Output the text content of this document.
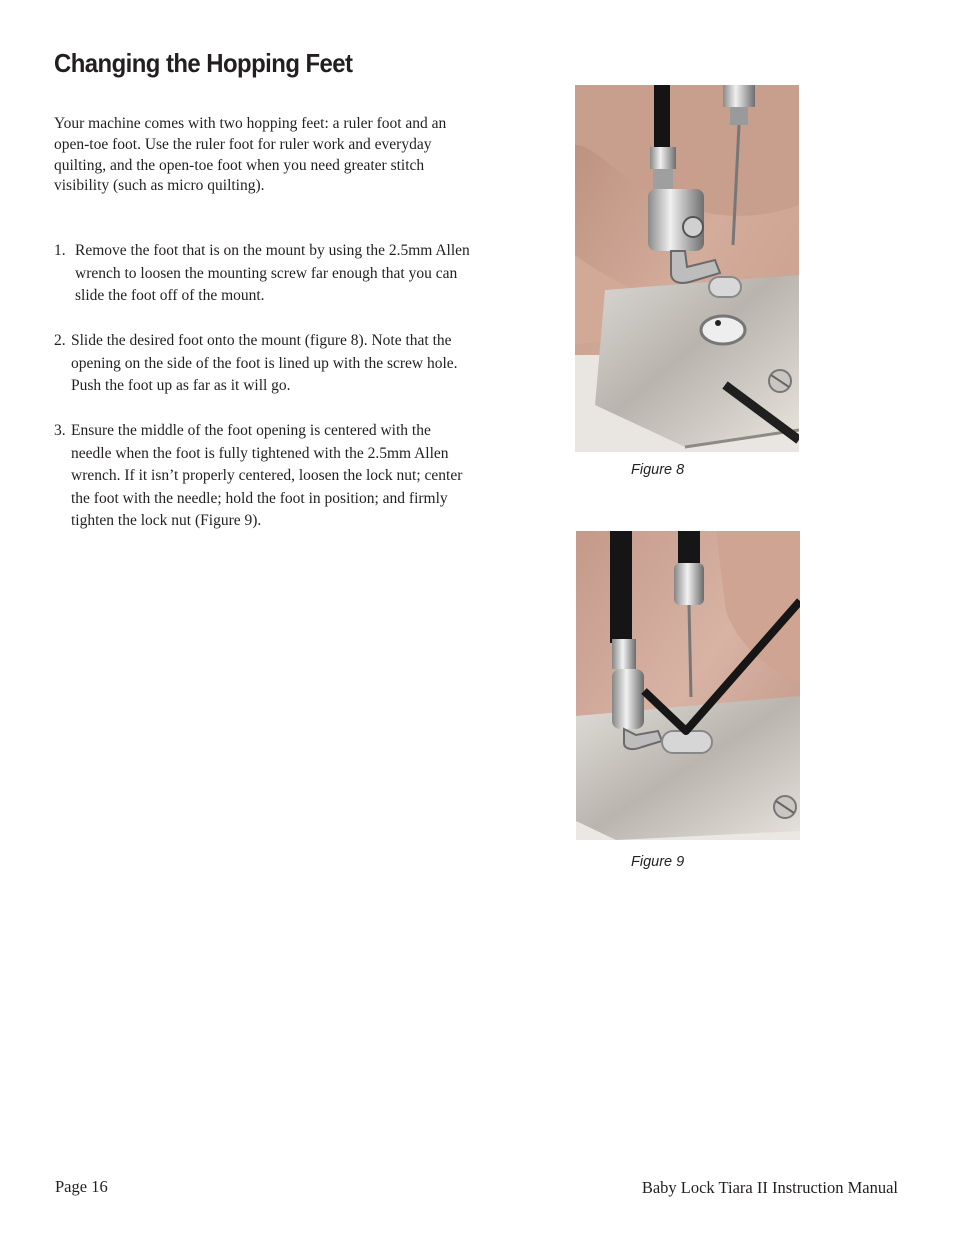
Changing the Hopping Feet

Your machine comes with two hopping feet: a ruler foot and an open-toe foot. Use the ruler foot for ruler work and everyday quilting, and the open-toe foot when you need greater stitch visibility (such as micro quilting).

1. Remove the foot that is on the mount by using the 2.5mm Allen wrench to loosen the mounting screw far enough that you can slide the foot off of the mount.
2. Slide the desired foot onto the mount (figure 8). Note that the opening on the side of the foot is lined up with the screw hole. Push the foot up as far as it will go.
3. Ensure the middle of the foot opening is centered with the needle when the foot is fully tightened with the 2.5mm Allen wrench. If it isn’t properly centered, loosen the lock nut; center the foot with the needle; hold the foot in position; and firmly tighten the lock nut (Figure 9).
Figure 8
Figure 9
Page 16	Baby Lock Tiara II Instruction Manual
